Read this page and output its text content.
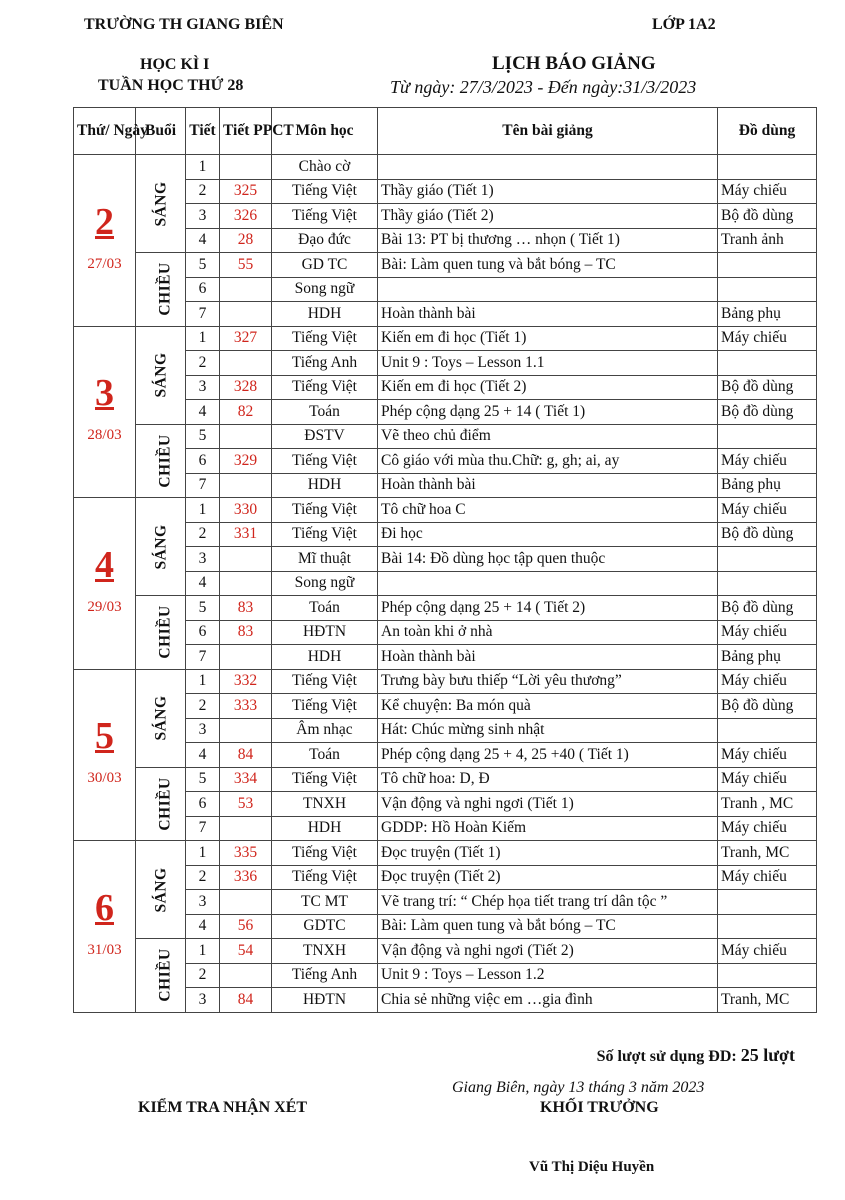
TRƯỜNG TH GIANG BIÊN	LỚP 1A2
HỌC KÌ I
TUẦN HỌC THỨ 28
LỊCH BÁO GIẢNG
Từ ngày: 27/3/2023 - Đến ngày:31/3/2023
Thứ/ Ngày	Buổi	Tiết	Tiết PPCT	Môn học	Tên bài giảng	Đồ dùng

2
27/03	SÁNG	1		Chào cờ		
		2	325	Tiếng Việt	Thầy giáo (Tiết 1)	Máy chiếu
		3	326	Tiếng Việt	Thầy giáo (Tiết 2)	Bộ đồ dùng
		4	28	Đạo đức	Bài 13: PT bị thương … nhọn ( Tiết 1)	Tranh ảnh
	CHIỀU	5	55	GD TC	Bài: Làm quen tung và bắt bóng – TC	
		6		Song ngữ		
		7		HDH	Hoàn thành bài	Bảng phụ

3
28/03	SÁNG	1	327	Tiếng Việt	Kiến em đi học (Tiết 1)	Máy chiếu
		2		Tiếng Anh	Unit 9 : Toys – Lesson 1.1	
		3	328	Tiếng Việt	Kiến em đi học (Tiết 2)	Bộ đồ dùng
		4	82	Toán	Phép cộng dạng 25 + 14 ( Tiết 1)	Bộ đồ dùng
	CHIỀU	5		ĐSTV	Vẽ theo chủ điểm	
		6	329	Tiếng Việt	Cô giáo với mùa thu.Chữ: g, gh; ai, ay	Máy chiếu
		7		HDH	Hoàn thành bài	Bảng phụ

4
29/03	SÁNG	1	330	Tiếng Việt	Tô chữ hoa C	Máy chiếu
		2	331	Tiếng Việt	Đi học	Bộ đồ dùng
		3		Mĩ thuật	Bài 14: Đồ dùng học tập quen thuộc	
		4		Song ngữ		
	CHIỀU	5	83	Toán	Phép cộng dạng 25 + 14 ( Tiết 2)	Bộ đồ dùng
		6	83	HĐTN	An toàn khi ở nhà	Máy chiếu
		7		HDH	Hoàn thành bài	Bảng phụ

5
30/03	SÁNG	1	332	Tiếng Việt	Trưng bày bưu thiếp “Lời yêu thương”	Máy chiếu
		2	333	Tiếng Việt	Kể chuyện: Ba món quà	Bộ đồ dùng
		3		Âm nhạc	Hát: Chúc mừng sinh nhật	
		4	84	Toán	Phép cộng dạng 25 + 4, 25 +40 ( Tiết 1)	Máy chiếu
	CHIỀU	5	334	Tiếng Việt	Tô chữ hoa: D, Đ	Máy chiếu
		6	53	TNXH	Vận động và nghi ngơi (Tiết 1)	Tranh , MC
		7		HDH	GDDP: Hồ Hoàn Kiếm	Máy chiếu

6
31/03	SÁNG	1	335	Tiếng Việt	Đọc truyện (Tiết 1)	Tranh, MC
		2	336	Tiếng Việt	Đọc truyện (Tiết 2)	Máy chiếu
		3		TC MT	Vẽ trang trí: “ Chép họa tiết trang trí dân tộc ”	
		4	56	GDTC	Bài: Làm quen tung và bắt bóng – TC	
	CHIỀU	1	54	TNXH	Vận động và nghi ngơi (Tiết 2)	Máy chiếu
		2		Tiếng Anh	Unit 9 : Toys – Lesson 1.2	
		3	84	HĐTN	Chia sẻ những việc em …gia đình	Tranh, MC
Số lượt sử dụng ĐD: 25 lượt
Giang Biên, ngày 13 tháng 3 năm 2023
KIỂM TRA NHẬN XÉT	KHỐI TRƯỞNG
Vũ Thị Diệu Huyền
